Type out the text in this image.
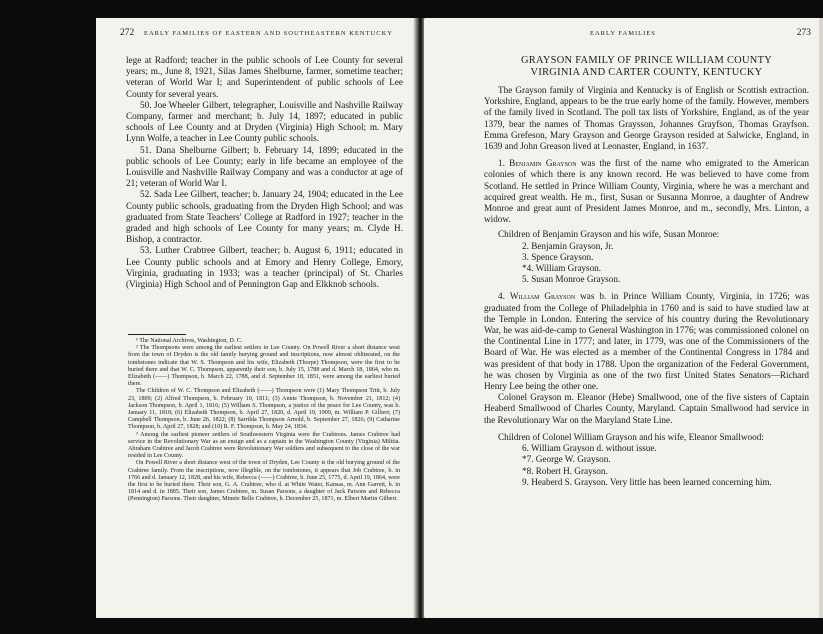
272 EARLY FAMILIES OF EASTERN AND SOUTHEASTERN KENTUCKY

lege at Radford; teacher in the public schools of Lee County for several years; m., June 8, 1921, Silas James Shelburne, farmer, sometime teacher; veteran of World War I; and Superintendent of public schools of Lee County for several years.

50. Joe Wheeler Gilbert, telegrapher, Louisville and Nashville Railway Company, farmer and merchant; b. July 14, 1897; educated in public schools of Lee County and at Dryden (Virginia) High School; m. Mary Lynn Wolfe, a teacher in Lee County public schools.

51. Dana Shelburne Gilbert; b. February 14, 1899; educated in the public schools of Lee County; early in life became an employee of the Louisville and Nashville Railway Company and was a conductor at age of 21; veteran of World War I.

52. Sada Lee Gilbert, teacher; b. January 24, 1904; educated in the Lee County public schools, graduating from the Dryden High School; and was graduated from State Teachers' College at Radford in 1927; teacher in the graded and high schools of Lee County for many years; m. Clyde H. Bishop, a contractor.

53. Luther Crabtree Gilbert, teacher; b. August 6, 1911; educated in Lee County public schools and at Emory and Henry College, Emory, Virginia, graduating in 1933; was a teacher (principal) of St. Charles (Virginia) High School and of Pennington Gap and Elkknob schools.

¹ The National Archives, Washington, D. C.

² The Thompsons were among the earliest settlers in Lee County. On Powell River a short distance west from the town of Dryden is the old family burying ground and inscriptions, now almost obliterated, on the tombstones indicate that W. S. Thompson and his wife, Elizabeth (Thorpe) Thompson, were the first to be buried there and that W. C. Thompson, apparently their son, b. July 15, 1788 and d. March 18, 1864, who m. Elizabeth (——) Thompson, b. March 22, 1788, and d. September 18, 1851, were among the earliest buried there.

The Children of W. C. Thompson and Elizabeth (——) Thompson were (1) Mary Thompson Tritt, b. July 23, 1809; (2) Alfred Thompson, b. February 10, 1811; (3) Annie Thompson, b. November 21, 1812; (4) Jackson Thompson, b. April 1, 1816; (5) William S. Thompson, a justice of the peace for Lee County, was b. January 11, 1818; (6) Elizabeth Thompson, b. April 27, 1820, d. April 19, 1909, m. William P. Gilbert; (7) Campbell Thompson, b. June 26, 1822; (8) Sarrilda Thompson Arnold, b. September 27, 1826; (9) Catharine Thompson, b. April 27, 1828; and (10) R. F. Thompson, b. May 24, 1834.

³ Among the earliest pioneer settlers of Southwestern Virginia were the Crabtrees. James Crabtree had service in the Revolutionary War as an ensign and as a captain in the Washington County (Virginia) Militia. Abraham Crabtree and Jacob Crabtree were Revolutionary War soldiers and subsequent to the close of the war resided in Lee County.

On Powell River a short distance west of the town of Dryden, Lee County is the old burying ground of the Crabtree family. From the inscriptions, now illegible, on the tombstones, it appears that Job Crabtree, b. in 1766 and d. January 12, 1828, and his wife, Rebecca (——) Crabtree, b. June 25, 1775, d. April 19, 1864, were the first to be buried there. Their son, G. A. Crabtree, who d. at White Water, Kansas, m. Ann Garrett, b. in 1814 and d. in 1885. Their son, James Crabtree, m. Susan Parsons, a daughter of Jack Parsons and Rebecca (Pennington) Parsons. Their daughter, Minnie Belle Crabtree, b. December 25, 1871, m. Elbert Martin Gilbert.

EARLY FAMILIES	273
GRAYSON FAMILY OF PRINCE WILLIAM COUNTY
VIRGINIA AND CARTER COUNTY, KENTUCKY

The Grayson family of Virginia and Kentucky is of English or Scottish extraction. Yorkshire, England, appears to be the true early home of the family. However, members of the family lived in Scotland. The poll tax lists of Yorkshire, England, as of the year 1379, bear the names of Thomas Graysson, Johannes Grayfson, Thomas Grayfson. Emma Grefeson, Mary Grayson and George Grayson resided at Salwicke, England, in 1639 and John Greason lived at Leonaster, England, in 1637.

1. Benjamin Grayson was the first of the name who emigrated to the American colonies of which there is any known record. He was believed to have come from Scotland. He settled in Prince William County, Virginia, where he was a merchant and acquired great wealth. He m., first, Susan or Susanna Monroe, a daughter of Andrew Monroe and great aunt of President James Monroe, and m., secondly, Mrs. Linton, a widow.

Children of Benjamin Grayson and his wife, Susan Monroe:

2. Benjamin Grayson, Jr.
3. Spence Grayson.
*4. William Grayson.
5. Susan Monroe Grayson.

4. William Grayson was b. in Prince William County, Virginia, in 1726; was graduated from the College of Philadelphia in 1760 and is said to have studied law at the Temple in London. Entering the service of his country during the Revolutionary War, he was aid-de-camp to General Washington in 1776; was commissioned colonel on the Continental Line in 1777; and later, in 1779, was one of the Commissioners of the Board of War. He was elected as a member of the Continental Congress in 1784 and was president of that body in 1788. Upon the organization of the Federal Government, he was chosen by Virginia as one of the two first United States Senators—Richard Henry Lee being the other one.

Colonel Grayson m. Eleanor (Hebe) Smallwood, one of the five sisters of Captain Heaberd Smallwood of Charles County, Maryland. Captain Smallwood had service in the Revolutionary War on the Maryland State Line.

Children of Colonel William Grayson and his wife, Eleanor Smallwood:

6. William Grayson d. without issue.
*7. George W. Grayson.
*8. Robert H. Grayson.
9. Heaberd S. Grayson. Very little has been learned concerning him.
